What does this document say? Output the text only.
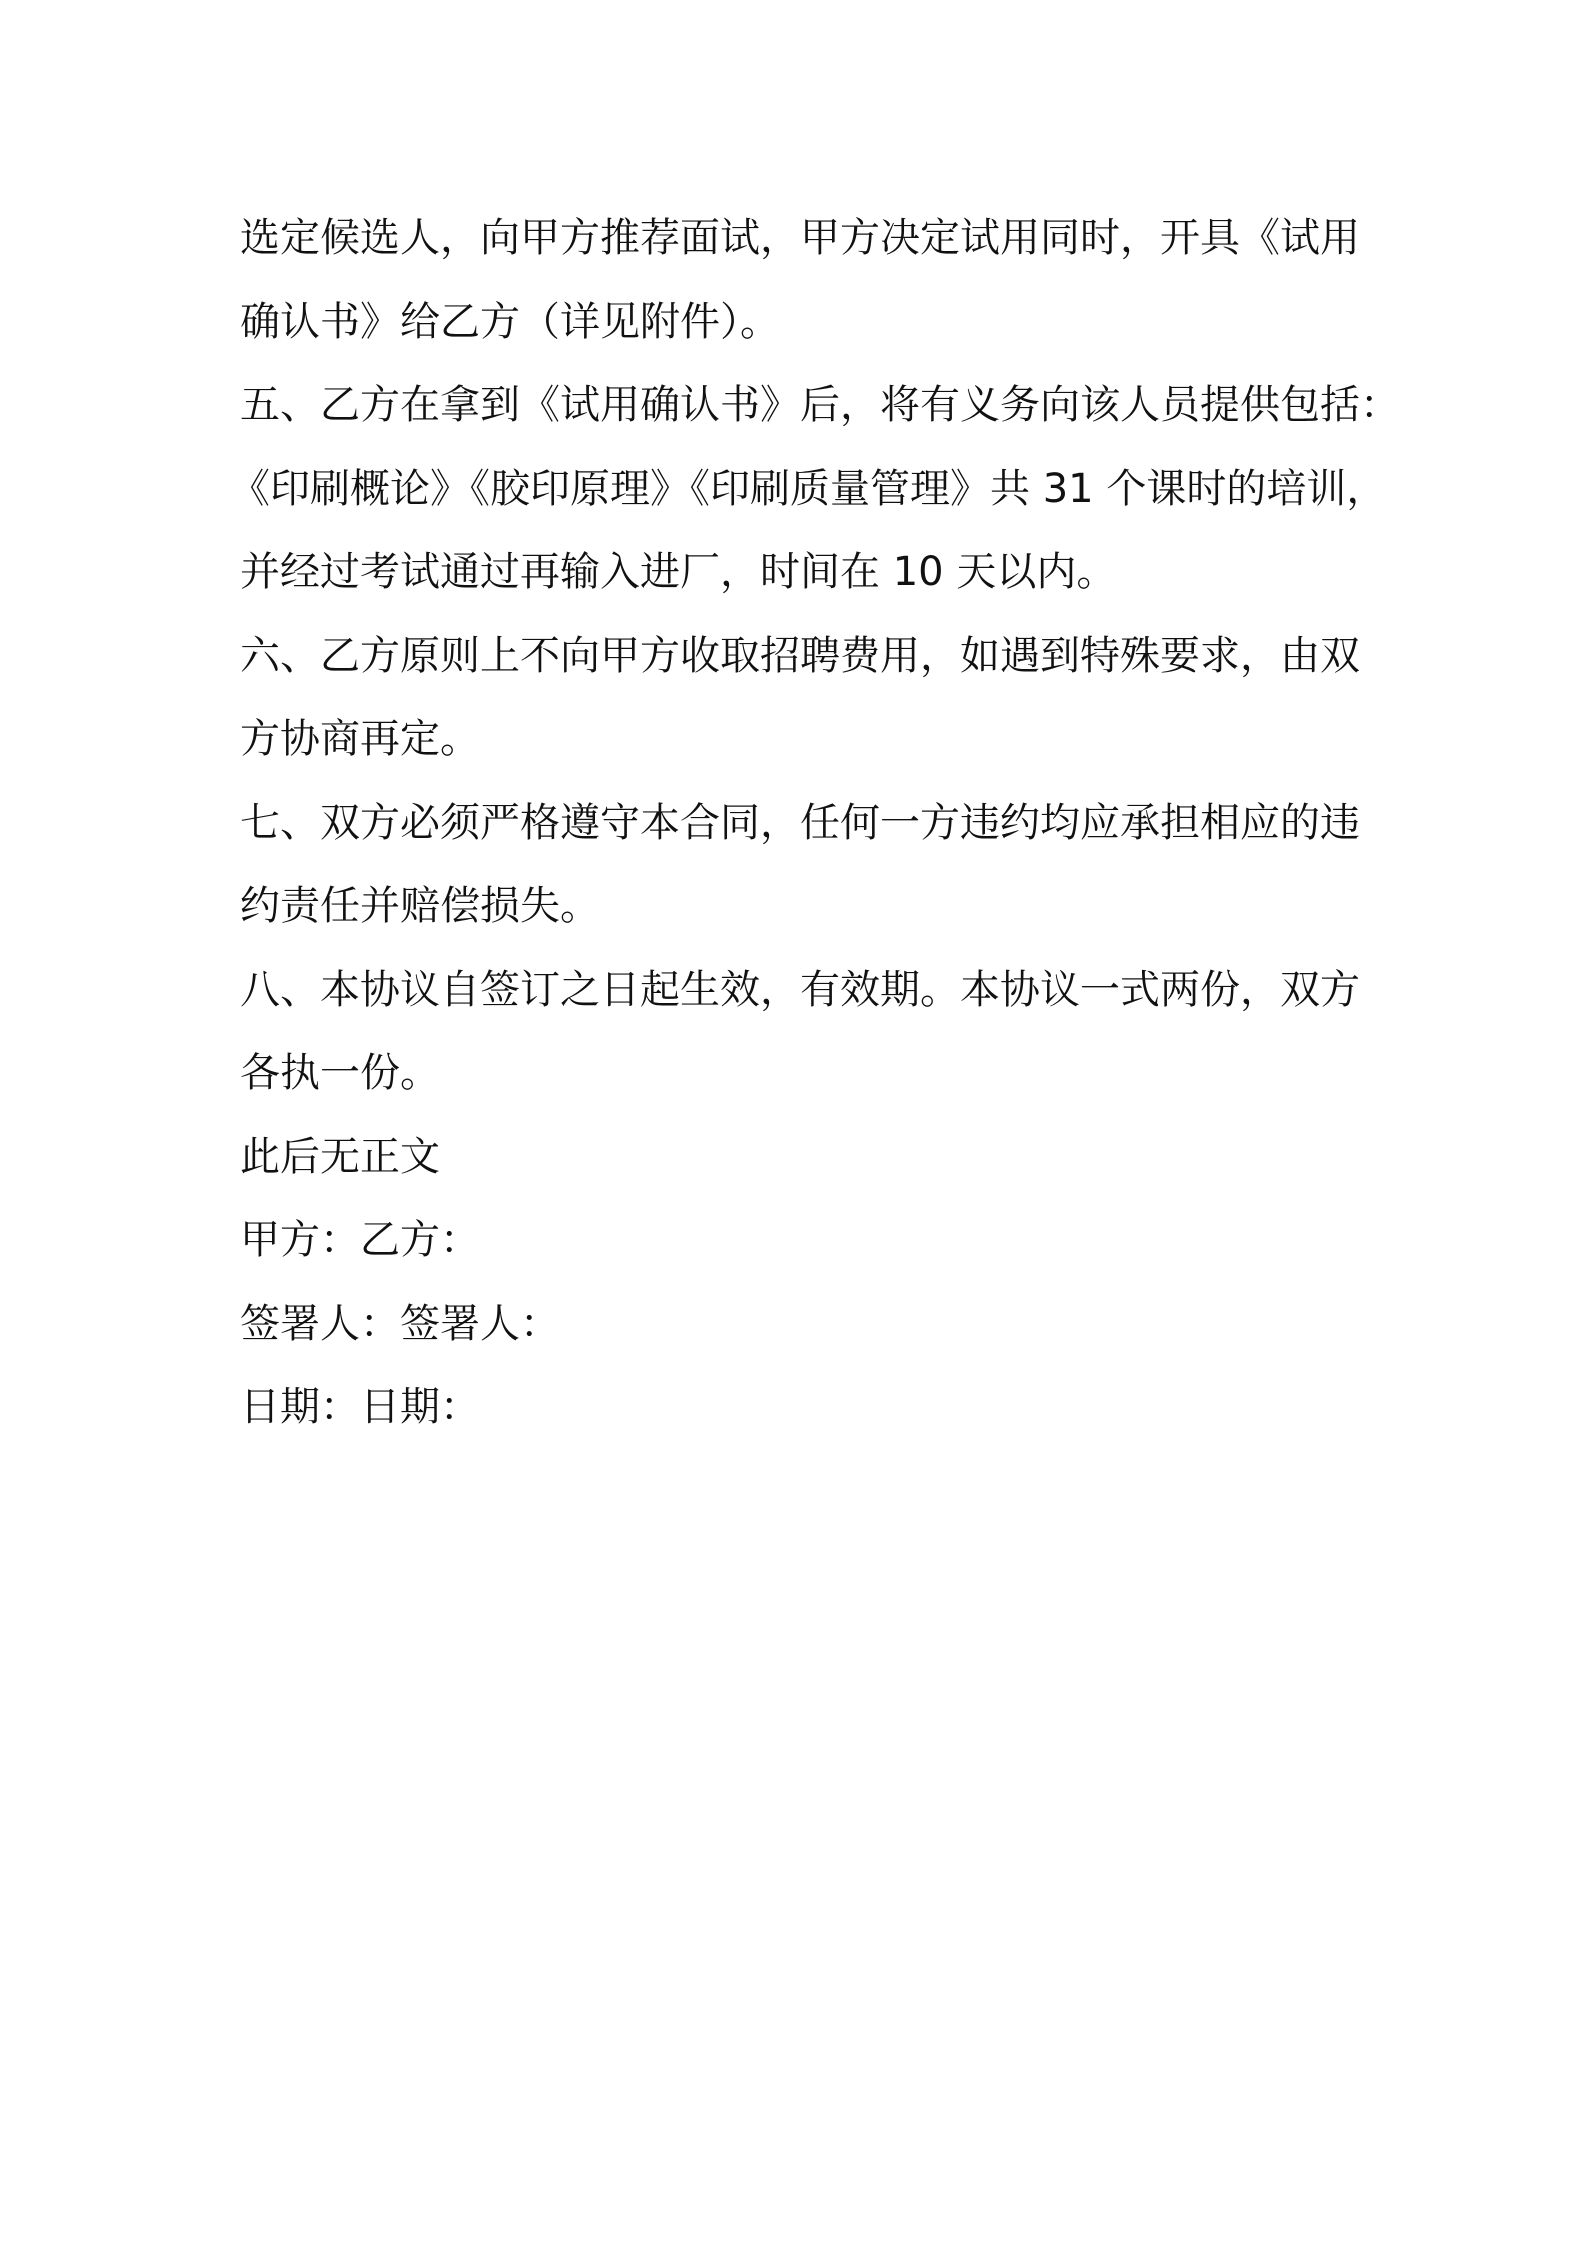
选定候选人，向甲方推荐面试，甲方决定试用同时，开具《试用
确认书》给乙方（详见附件）。
五、乙方在拿到《试用确认书》后，将有义务向该人员提供包括：
《印刷概论》《胶印原理》《印刷质量管理》共 31 个课时的培训，
并经过考试通过再输入进厂，时间在 10 天以内。
六、乙方原则上不向甲方收取招聘费用，如遇到特殊要求，由双
方协商再定。
七、双方必须严格遵守本合同，任何一方违约均应承担相应的违
约责任并赔偿损失。
八、本协议自签订之日起生效，有效期。本协议一式两份，双方
各执一份。
此后无正文
甲方：乙方：
签署人：签署人：
日期：日期：
